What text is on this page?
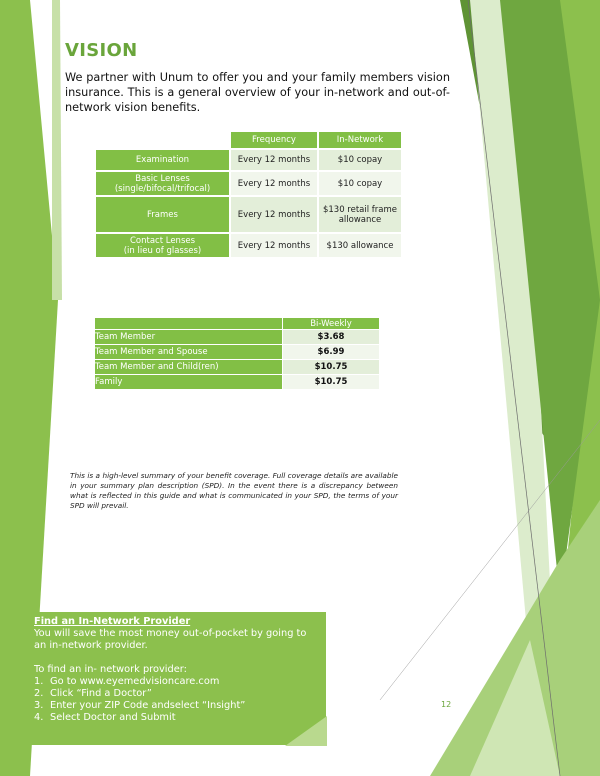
VISION

We partner with Unum to offer you and your family members vision insurance. This is a general overview of your in-network and out-of-network vision benefits.

	Frequency	In-Network
Examination	Every 12 months	$10 copay

Basic Lenses
(single/bifocal/trifocal)	Every 12 months	$10 copay

Frames	Every 12 months	$130 retail frame
allowance
Contact Lenses
(in lieu of glasses)	Every 12 months	$130 allowance

	Bi-Weekly
Team Member	$3.68
Team Member and Spouse	$6.99
Team Member and Child(ren)	$10.75
Family	$10.75

This is a high-level summary of your benefit coverage. Full coverage details are available in your summary plan description (SPD). In the event there is a discrepancy between what is reflected in this guide and what is communicated in your SPD, the terms of your SPD will prevail.

Find an In-Network Provider

You will save the most money out-of-pocket by going to an in-network provider.

To find an in- network provider:

1. Go to www.eyemedvisioncare.com
2. Click “Find a Doctor”
3. Enter your ZIP Code andselect “Insight”
4. Select Doctor and Submit
12
